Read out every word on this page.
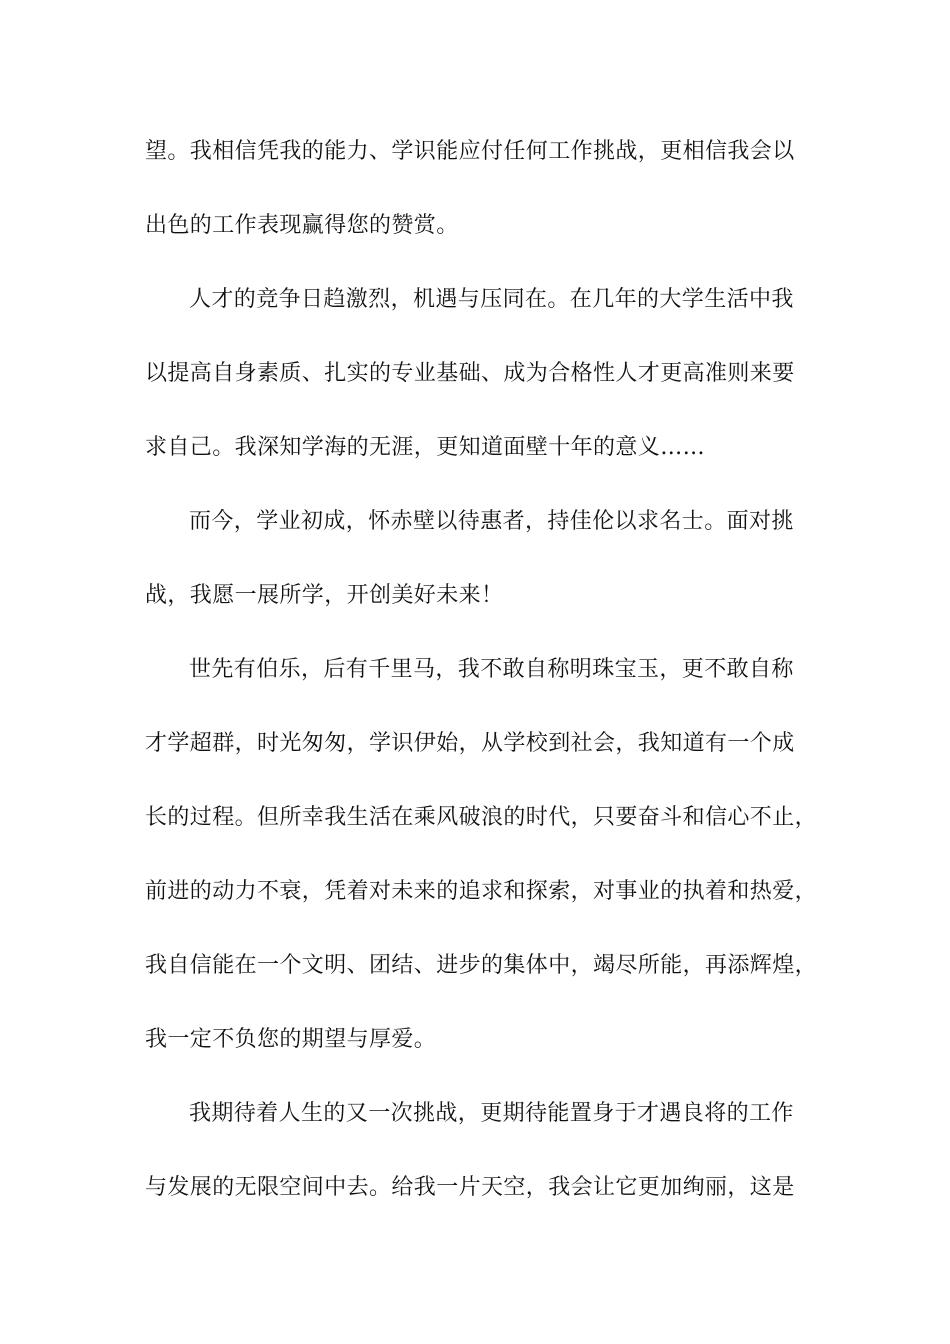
望。我相信凭我的能力、学识能应付任何工作挑战，更相信我会以
出色的工作表现赢得您的赞赏。
人才的竞争日趋激烈，机遇与压同在。在几年的大学生活中我
以提高自身素质、扎实的专业基础、成为合格性人才更高准则来要
求自己。我深知学海的无涯，更知道面壁十年的意义……
而今，学业初成，怀赤壁以待惠者，持佳伦以求名士。面对挑
战，我愿一展所学，开创美好未来！
世先有伯乐，后有千里马，我不敢自称明珠宝玉，更不敢自称
才学超群，时光匆匆，学识伊始，从学校到社会，我知道有一个成
长的过程。但所幸我生活在乘风破浪的时代，只要奋斗和信心不止，
前进的动力不衰，凭着对未来的追求和探索，对事业的执着和热爱，
我自信能在一个文明、团结、进步的集体中，竭尽所能，再添辉煌，
我一定不负您的期望与厚爱。
我期待着人生的又一次挑战，更期待能置身于才遇良将的工作
与发展的无限空间中去。给我一片天空，我会让它更加绚丽，这是
